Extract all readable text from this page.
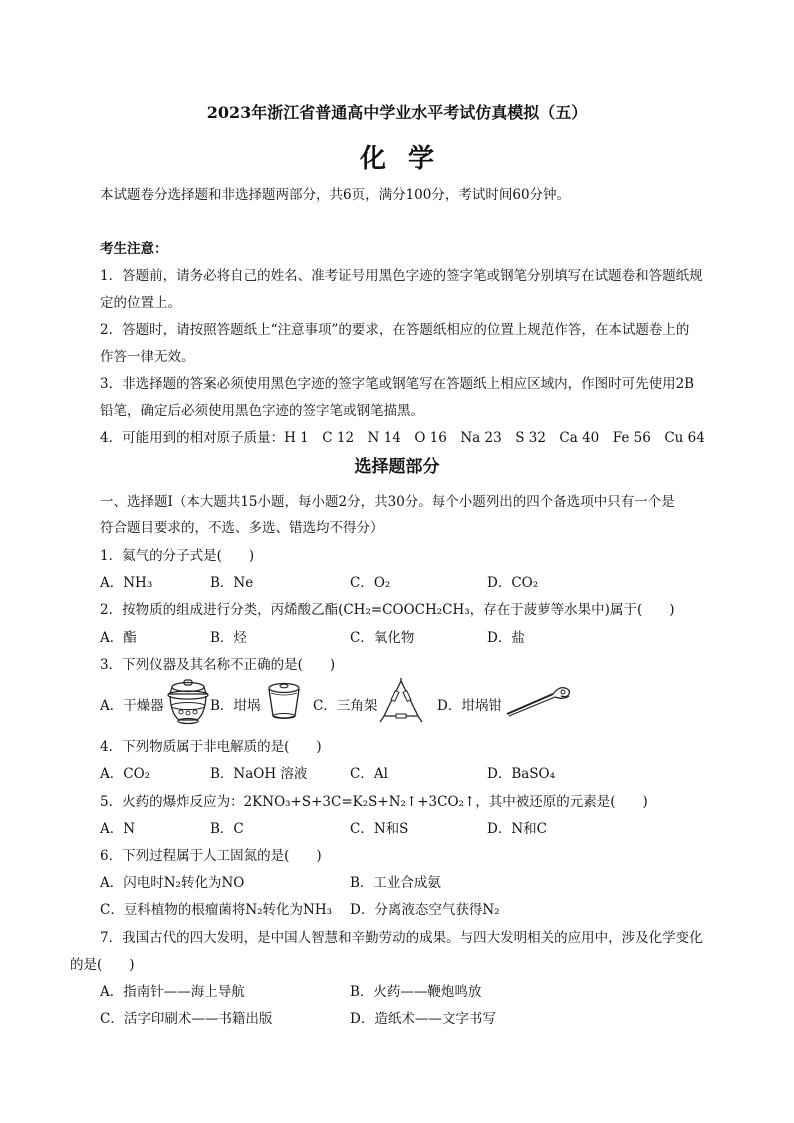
2023年浙江省普通高中学业水平考试仿真模拟（五）
化学
本试题卷分选择题和非选择题两部分，共6页，满分100分，考试时间60分钟。
考生注意：
1．答题前，请务必将自己的姓名、准考证号用黑色字迹的签字笔或钢笔分别填写在试题卷和答题纸规
定的位置上。
2．答题时，请按照答题纸上“注意事项”的要求，在答题纸相应的位置上规范作答，在本试题卷上的
作答一律无效。
3．非选择题的答案必须使用黑色字迹的签字笔或钢笔写在答题纸上相应区域内，作图时可先使用2B
铅笔，确定后必须使用黑色字迹的签字笔或钢笔描黑。
4．可能用到的相对原子质量：H 1　C 12　N 14　O 16　Na 23　S 32　Ca 40　Fe 56　Cu 64
选择题部分
一、选择题Ⅰ（本大题共15小题，每小题2分，共30分。每个小题列出的四个备选项中只有一个是
符合题目要求的，不选、多选、错选均不得分）
1．氦气的分子式是(　　)
A．NH₃	B．Ne	C．O₂	D．CO₂
2．按物质的组成进行分类，丙烯酸乙酯(CH₂=COOCH₂CH₃，存在于菠萝等水果中)属于(　　)
A．酯	B．烃	C．氧化物	D．盐
3．下列仪器及其名称不正确的是(　　)
A．干燥器	B．坩埚	C．三角架	D．坩埚钳
4．下列物质属于非电解质的是(　　)
A．CO₂	B．NaOH 溶液	C．Al	D．BaSO₄
5．火药的爆炸反应为：2KNO₃+S+3C=K₂S+N₂↑+3CO₂↑，其中被还原的元素是(　　)
A．N	B．C	C．N和S	D．N和C
6．下列过程属于人工固氮的是(　　)
A．闪电时N₂转化为NO	B．工业合成氨
C．豆科植物的根瘤菌将N₂转化为NH₃ D．分离液态空气获得N₂
7．我国古代的四大发明，是中国人智慧和辛勤劳动的成果。与四大发明相关的应用中，涉及化学变化
的是(　　)
A．指南针——海上导航	B．火药——鞭炮鸣放
C．活字印刷术——书籍出版	D．造纸术——文字书写
